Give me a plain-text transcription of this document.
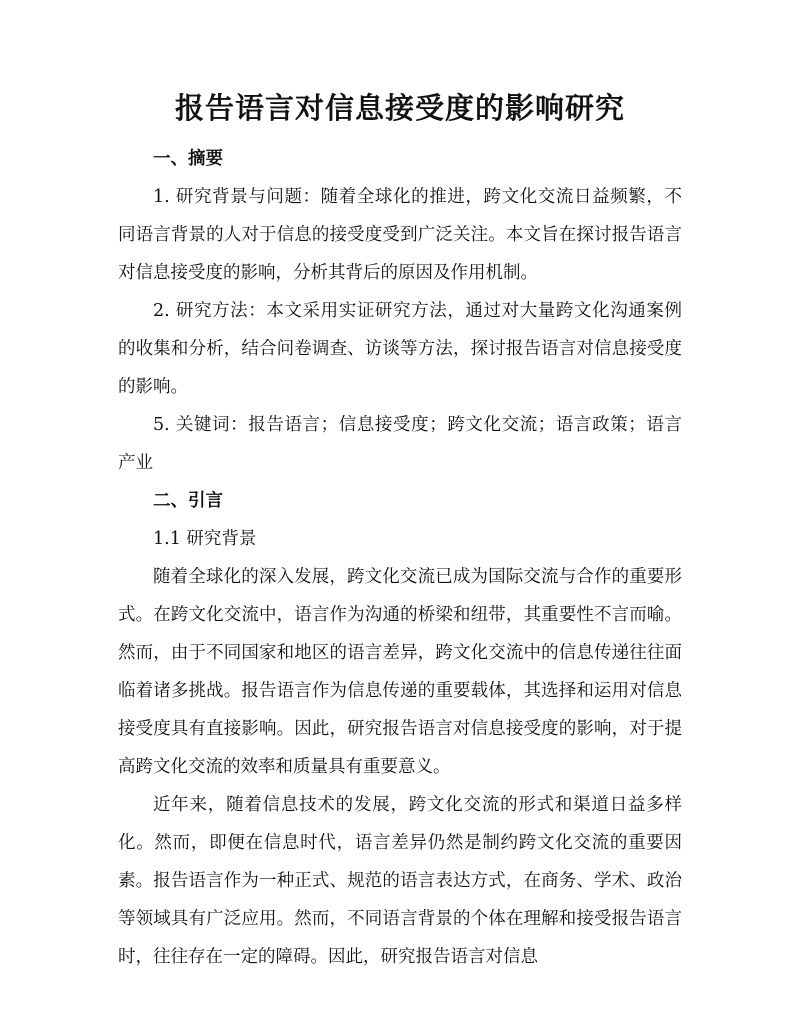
报告语言对信息接受度的影响研究
一、摘要

1. 研究背景与问题：随着全球化的推进，跨文化交流日益频繁，不同语言背景的人对于信息的接受度受到广泛关注。本文旨在探讨报告语言对信息接受度的影响，分析其背后的原因及作用机制。

2. 研究方法：本文采用实证研究方法，通过对大量跨文化沟通案例的收集和分析，结合问卷调查、访谈等方法，探讨报告语言对信息接受度的影响。

5. 关键词：报告语言；信息接受度；跨文化交流；语言政策；语言产业

二、引言

1.1 研究背景

随着全球化的深入发展，跨文化交流已成为国际交流与合作的重要形式。在跨文化交流中，语言作为沟通的桥梁和纽带，其重要性不言而喻。然而，由于不同国家和地区的语言差异，跨文化交流中的信息传递往往面临着诸多挑战。报告语言作为信息传递的重要载体，其选择和运用对信息接受度具有直接影响。因此，研究报告语言对信息接受度的影响，对于提高跨文化交流的效率和质量具有重要意义。

近年来，随着信息技术的发展，跨文化交流的形式和渠道日益多样化。然而，即便在信息时代，语言差异仍然是制约跨文化交流的重要因素。报告语言作为一种正式、规范的语言表达方式，在商务、学术、政治等领域具有广泛应用。然而，不同语言背景的个体在理解和接受报告语言时，往往存在一定的障碍。因此，研究报告语言对信息
